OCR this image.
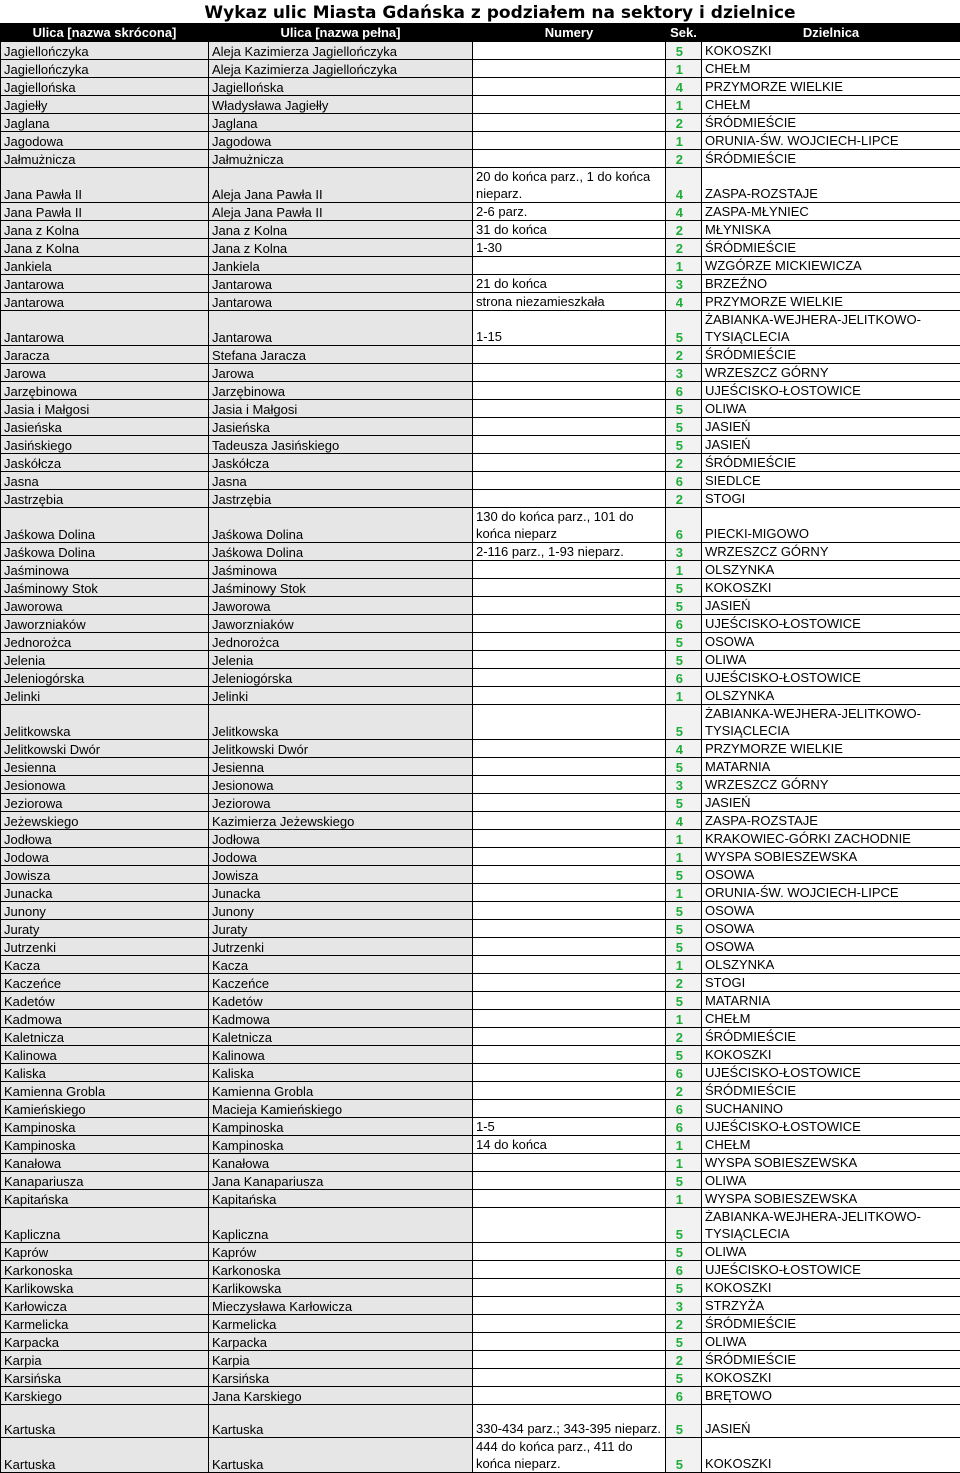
Wykaz ulic Miasta Gdańska z podziałem na sektory i dzielnice
Ulica [nazwa skrócona]	Ulica [nazwa pełna]	Numery	Sek.	Dzielnica
Jagiellończyka	Aleja Kazimierza Jagiellończyka		5	KOKOSZKI
Jagiellończyka	Aleja Kazimierza Jagiellończyka		1	CHEŁM
Jagiellońska	Jagiellońska		4	PRZYMORZE WIELKIE
Jagiełły	Władysława Jagiełły		1	CHEŁM
Jaglana	Jaglana		2	ŚRÓDMIEŚCIE
Jagodowa	Jagodowa		1	ORUNIA-ŚW. WOJCIECH-LIPCE
Jałmużnicza	Jałmużnicza		2	ŚRÓDMIEŚCIE
Jana Pawła II	Aleja Jana Pawła II	20 do końca parz., 1 do końca nieparz.	4	ZASPA-ROZSTAJE
Jana Pawła II	Aleja Jana Pawła II	2-6 parz.	4	ZASPA-MŁYNIEC
Jana z Kolna	Jana z Kolna	31 do końca	2	MŁYNISKA
Jana z Kolna	Jana z Kolna	1-30	2	ŚRÓDMIEŚCIE
Jankiela	Jankiela		1	WZGÓRZE MICKIEWICZA
Jantarowa	Jantarowa	21 do końca	3	BRZEŹNO
Jantarowa	Jantarowa	strona niezamieszkała	4	PRZYMORZE WIELKIE
Jantarowa	Jantarowa	1-15	5	ŻABIANKA-WEJHERA-JELITKOWO-TYSIĄCLECIA
Jaracza	Stefana Jaracza		2	ŚRÓDMIEŚCIE
Jarowa	Jarowa		3	WRZESZCZ GÓRNY
Jarzębinowa	Jarzębinowa		6	UJEŚCISKO-ŁOSTOWICE
Jasia i Małgosi	Jasia i Małgosi		5	OLIWA
Jasieńska	Jasieńska		5	JASIEŃ
Jasińskiego	Tadeusza Jasińskiego		5	JASIEŃ
Jaskółcza	Jaskółcza		2	ŚRÓDMIEŚCIE
Jasna	Jasna		6	SIEDLCE
Jastrzębia	Jastrzębia		2	STOGI
Jaśkowa Dolina	Jaśkowa Dolina	130 do końca parz., 101 do końca nieparz	6	PIECKI-MIGOWO
Jaśkowa Dolina	Jaśkowa Dolina	2-116 parz., 1-93 nieparz.	3	WRZESZCZ GÓRNY
Jaśminowa	Jaśminowa		1	OLSZYNKA
Jaśminowy Stok	Jaśminowy Stok		5	KOKOSZKI
Jaworowa	Jaworowa		5	JASIEŃ
Jaworzniaków	Jaworzniaków		6	UJEŚCISKO-ŁOSTOWICE
Jednorożca	Jednorożca		5	OSOWA
Jelenia	Jelenia		5	OLIWA
Jeleniogórska	Jeleniogórska		6	UJEŚCISKO-ŁOSTOWICE
Jelinki	Jelinki		1	OLSZYNKA
Jelitkowska	Jelitkowska		5	ŻABIANKA-WEJHERA-JELITKOWO-TYSIĄCLECIA
Jelitkowski Dwór	Jelitkowski Dwór		4	PRZYMORZE WIELKIE
Jesienna	Jesienna		5	MATARNIA
Jesionowa	Jesionowa		3	WRZESZCZ GÓRNY
Jeziorowa	Jeziorowa		5	JASIEŃ
Jeżewskiego	Kazimierza Jeżewskiego		4	ZASPA-ROZSTAJE
Jodłowa	Jodłowa		1	KRAKOWIEC-GÓRKI ZACHODNIE
Jodowa	Jodowa		1	WYSPA SOBIESZEWSKA
Jowisza	Jowisza		5	OSOWA
Junacka	Junacka		1	ORUNIA-ŚW. WOJCIECH-LIPCE
Junony	Junony		5	OSOWA
Juraty	Juraty		5	OSOWA
Jutrzenki	Jutrzenki		5	OSOWA
Kacza	Kacza		1	OLSZYNKA
Kaczeńce	Kaczeńce		2	STOGI
Kadetów	Kadetów		5	MATARNIA
Kadmowa	Kadmowa		1	CHEŁM
Kaletnicza	Kaletnicza		2	ŚRÓDMIEŚCIE
Kalinowa	Kalinowa		5	KOKOSZKI
Kaliska	Kaliska		6	UJEŚCISKO-ŁOSTOWICE
Kamienna Grobla	Kamienna Grobla		2	ŚRÓDMIEŚCIE
Kamieńskiego	Macieja Kamieńskiego		6	SUCHANINO
Kampinoska	Kampinoska	1-5	6	UJEŚCISKO-ŁOSTOWICE
Kampinoska	Kampinoska	14 do końca	1	CHEŁM
Kanałowa	Kanałowa		1	WYSPA SOBIESZEWSKA
Kanapariusza	Jana Kanapariusza		5	OLIWA
Kapitańska	Kapitańska		1	WYSPA SOBIESZEWSKA
Kapliczna	Kapliczna		5	ŻABIANKA-WEJHERA-JELITKOWO-TYSIĄCLECIA
Kaprów	Kaprów		5	OLIWA
Karkonoska	Karkonoska		6	UJEŚCISKO-ŁOSTOWICE
Karlikowska	Karlikowska		5	KOKOSZKI
Karłowicza	Mieczysława Karłowicza		3	STRZYŻA
Karmelicka	Karmelicka		2	ŚRÓDMIEŚCIE
Karpacka	Karpacka		5	OLIWA
Karpia	Karpia		2	ŚRÓDMIEŚCIE
Karsińska	Karsińska		5	KOKOSZKI
Karskiego	Jana Karskiego		6	BRĘTOWO
Kartuska	Kartuska	330-434 parz.; 343-395 nieparz.	5	JASIEŃ
Kartuska	Kartuska	444 do końca parz., 411 do końca nieparz.	5	KOKOSZKI
